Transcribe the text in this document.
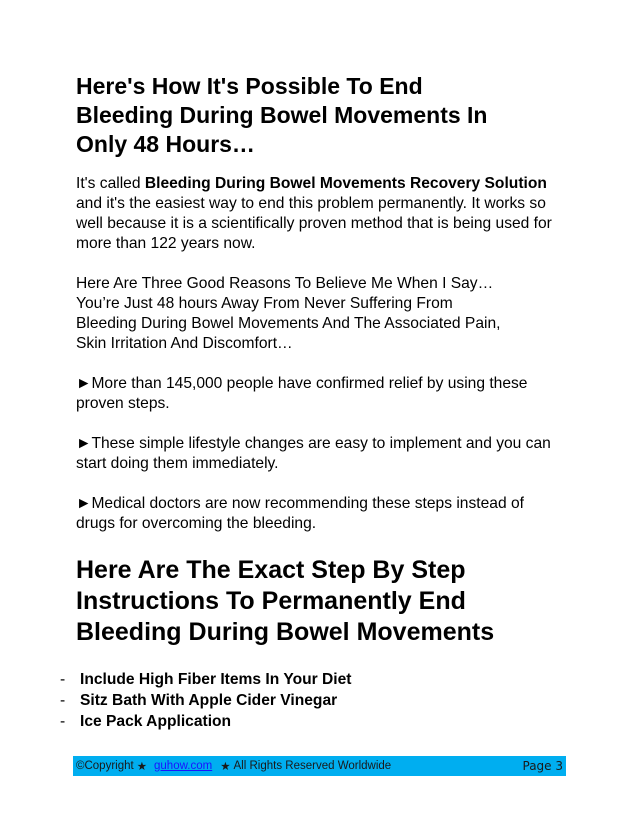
Here's How It's Possible To End
Bleeding During Bowel Movements In
Only 48 Hours…

It's called Bleeding During Bowel Movements Recovery Solution and it's the easiest way to end this problem permanently. It works so well because it is a scientifically proven method that is being used for more than 122 years now.

Here Are Three Good Reasons To Believe Me When I Say…
You’re Just 48 hours Away From Never Suffering From
Bleeding During Bowel Movements And The Associated Pain,
Skin Irritation And Discomfort…

►More than 145,000 people have confirmed relief by using these proven steps.

►These simple lifestyle changes are easy to implement and you can start doing them immediately.

►Medical doctors are now recommending these steps instead of drugs for overcoming the bleeding.

Here Are The Exact Step By Step
Instructions To Permanently End
Bleeding During Bowel Movements
- Include High Fiber Items In Your Diet
- Sitz Bath With Apple Cider Vinegar
- Ice Pack Application
©Copyright ★ guhow.com ★ All Rights Reserved Worldwide	Page 3
